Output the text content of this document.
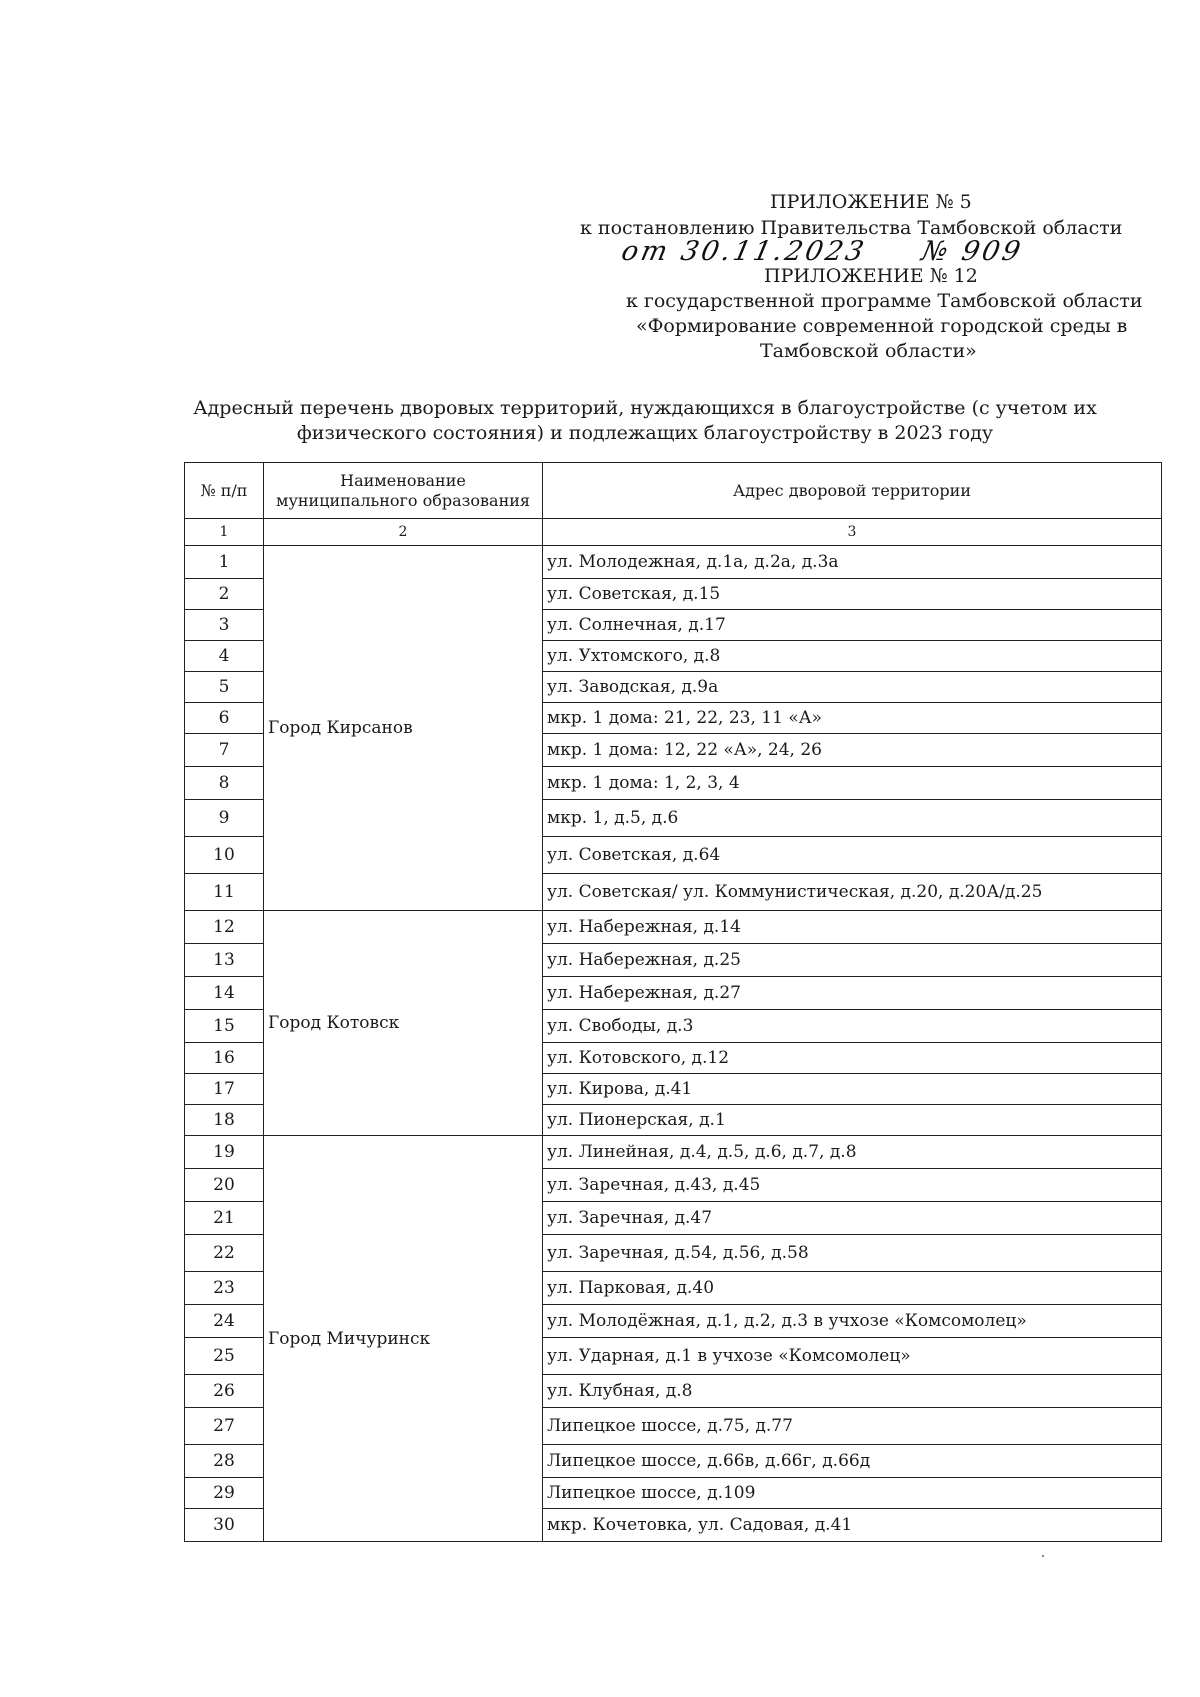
ПРИЛОЖЕНИЕ № 5
к постановлению Правительства Тамбовской области
от 30.11.2023 № 909
ПРИЛОЖЕНИЕ № 12
к государственной программе Тамбовской области
«Формирование современной городской среды в
Тамбовской области»
Адресный перечень дворовых территорий, нуждающихся в благоустройстве (с учетом их
физического состояния) и подлежащих благоустройству в 2023 году
№ п/п	Наименование муниципального образования	Адрес дворовой территории
1	2	3
1	Город Кирсанов	ул. Молодежная, д.1а, д.2а, д.3а
2		ул. Советская, д.15
3		ул. Солнечная, д.17
4		ул. Ухтомского, д.8
5		ул. Заводская, д.9а
6		мкр. 1 дома: 21, 22, 23, 11 «А»
7		мкр. 1 дома: 12, 22 «А», 24, 26
8		мкр. 1 дома: 1, 2, 3, 4
9		мкр. 1, д.5, д.6
10		ул. Советская, д.64
11		ул. Советская/ ул. Коммунистическая, д.20, д.20А/д.25
12	Город Котовск	ул. Набережная, д.14
13		ул. Набережная, д.25
14		ул. Набережная, д.27
15		ул. Свободы, д.3
16		ул. Котовского, д.12
17		ул. Кирова, д.41
18		ул. Пионерская, д.1
19	Город Мичуринск	ул. Линейная, д.4, д.5, д.6, д.7, д.8
20		ул. Заречная, д.43, д.45
21		ул. Заречная, д.47
22		ул. Заречная, д.54, д.56, д.58
23		ул. Парковая, д.40
24		ул. Молодёжная, д.1, д.2, д.3 в учхозе «Комсомолец»
25		ул. Ударная, д.1 в учхозе «Комсомолец»
26		ул. Клубная, д.8
27		Липецкое шоссе, д.75, д.77
28		Липецкое шоссе, д.66в, д.66г, д.66д
29		Липецкое шоссе, д.109
30		мкр. Кочетовка, ул. Садовая, д.41
